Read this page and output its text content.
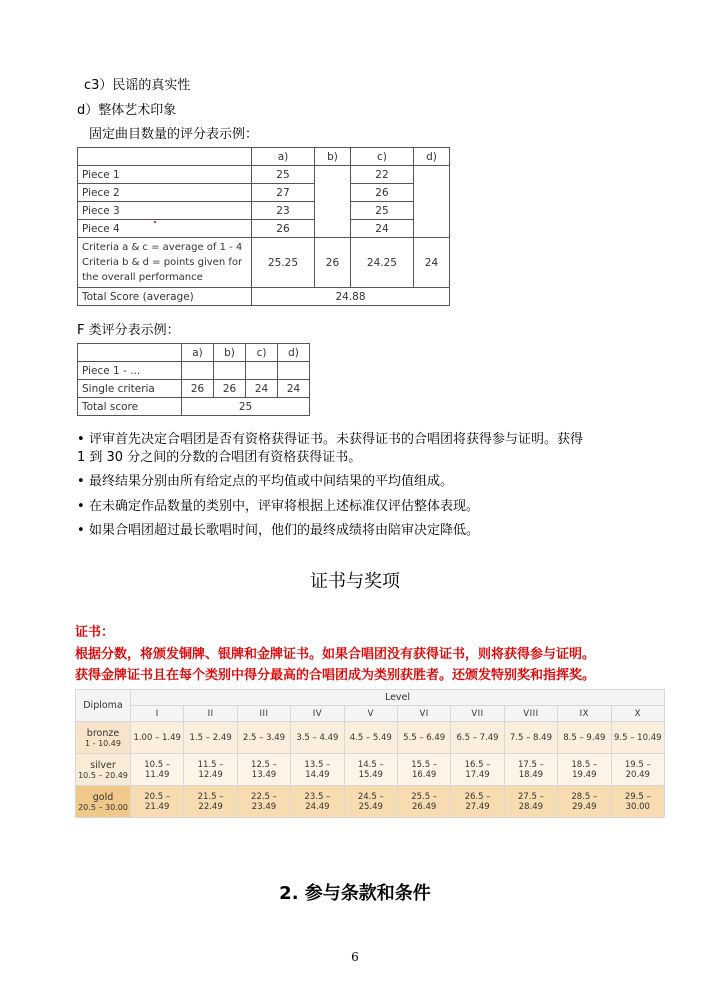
c3）民谣的真实性
d）整体艺术印象
固定曲目数量的评分表示例：
	a)	b)	c)	d)
Piece 1	25		22	
Piece 2	27		26	
Piece 3	23		25	
Piece 4	26		24	

Criteria a & c = average of 1 - 4
Criteria b & d = points given for
the overall performance	25.25	26	24.25	24
Total Score (average)	24.88			
F 类评分表示例：
	a)	b)	c)	d)
Piece 1 - ...				
Single criteria	26	26	24	24
Total score	25			
• 评审首先决定合唱团是否有资格获得证书。未获得证书的合唱团将获得参与证明。获得
1 到 30 分之间的分数的合唱团有资格获得证书。
• 最终结果分别由所有给定点的平均值或中间结果的平均值组成。
• 在未确定作品数量的类别中，评审将根据上述标准仅评估整体表现。
• 如果合唱团超过最长歌唱时间，他们的最终成绩将由陪审决定降低。
证书与奖项
证书：
根据分数，将颁发铜牌、银牌和金牌证书。如果合唱团没有获得证书，则将获得参与证明。
获得金牌证书且在每个类别中得分最高的合唱团成为类别获胜者。还颁发特别奖和指挥奖。
Diploma	Level									
	I	II	III	IV	V	VI	VII	VIII	IX	X

bronze
1 - 10.49	1.00 – 1.49	1.5 – 2.49	2.5 – 3.49	3.5 – 4.49	4.5 – 5.49	5.5 – 6.49	6.5 – 7.49	7.5 – 8.49	8.5 – 9.49	9.5 – 10.49

silver
10.5 – 20.49	10.5 – 11.49	11.5 – 12.49	12.5 – 13.49	13.5 – 14.49	14.5 – 15.49	15.5 – 16.49	16.5 – 17.49	17.5 – 18.49	18.5 – 19.49	19.5 – 20.49

gold
20.5 – 30.00	20.5 – 21.49	21.5 – 22.49	22.5 – 23.49	23.5 – 24.49	24.5 – 25.49	25.5 – 26.49	26.5 – 27.49	27.5 – 28.49	28.5 – 29.49	29.5 – 30.00
2. 参与条款和条件
6
